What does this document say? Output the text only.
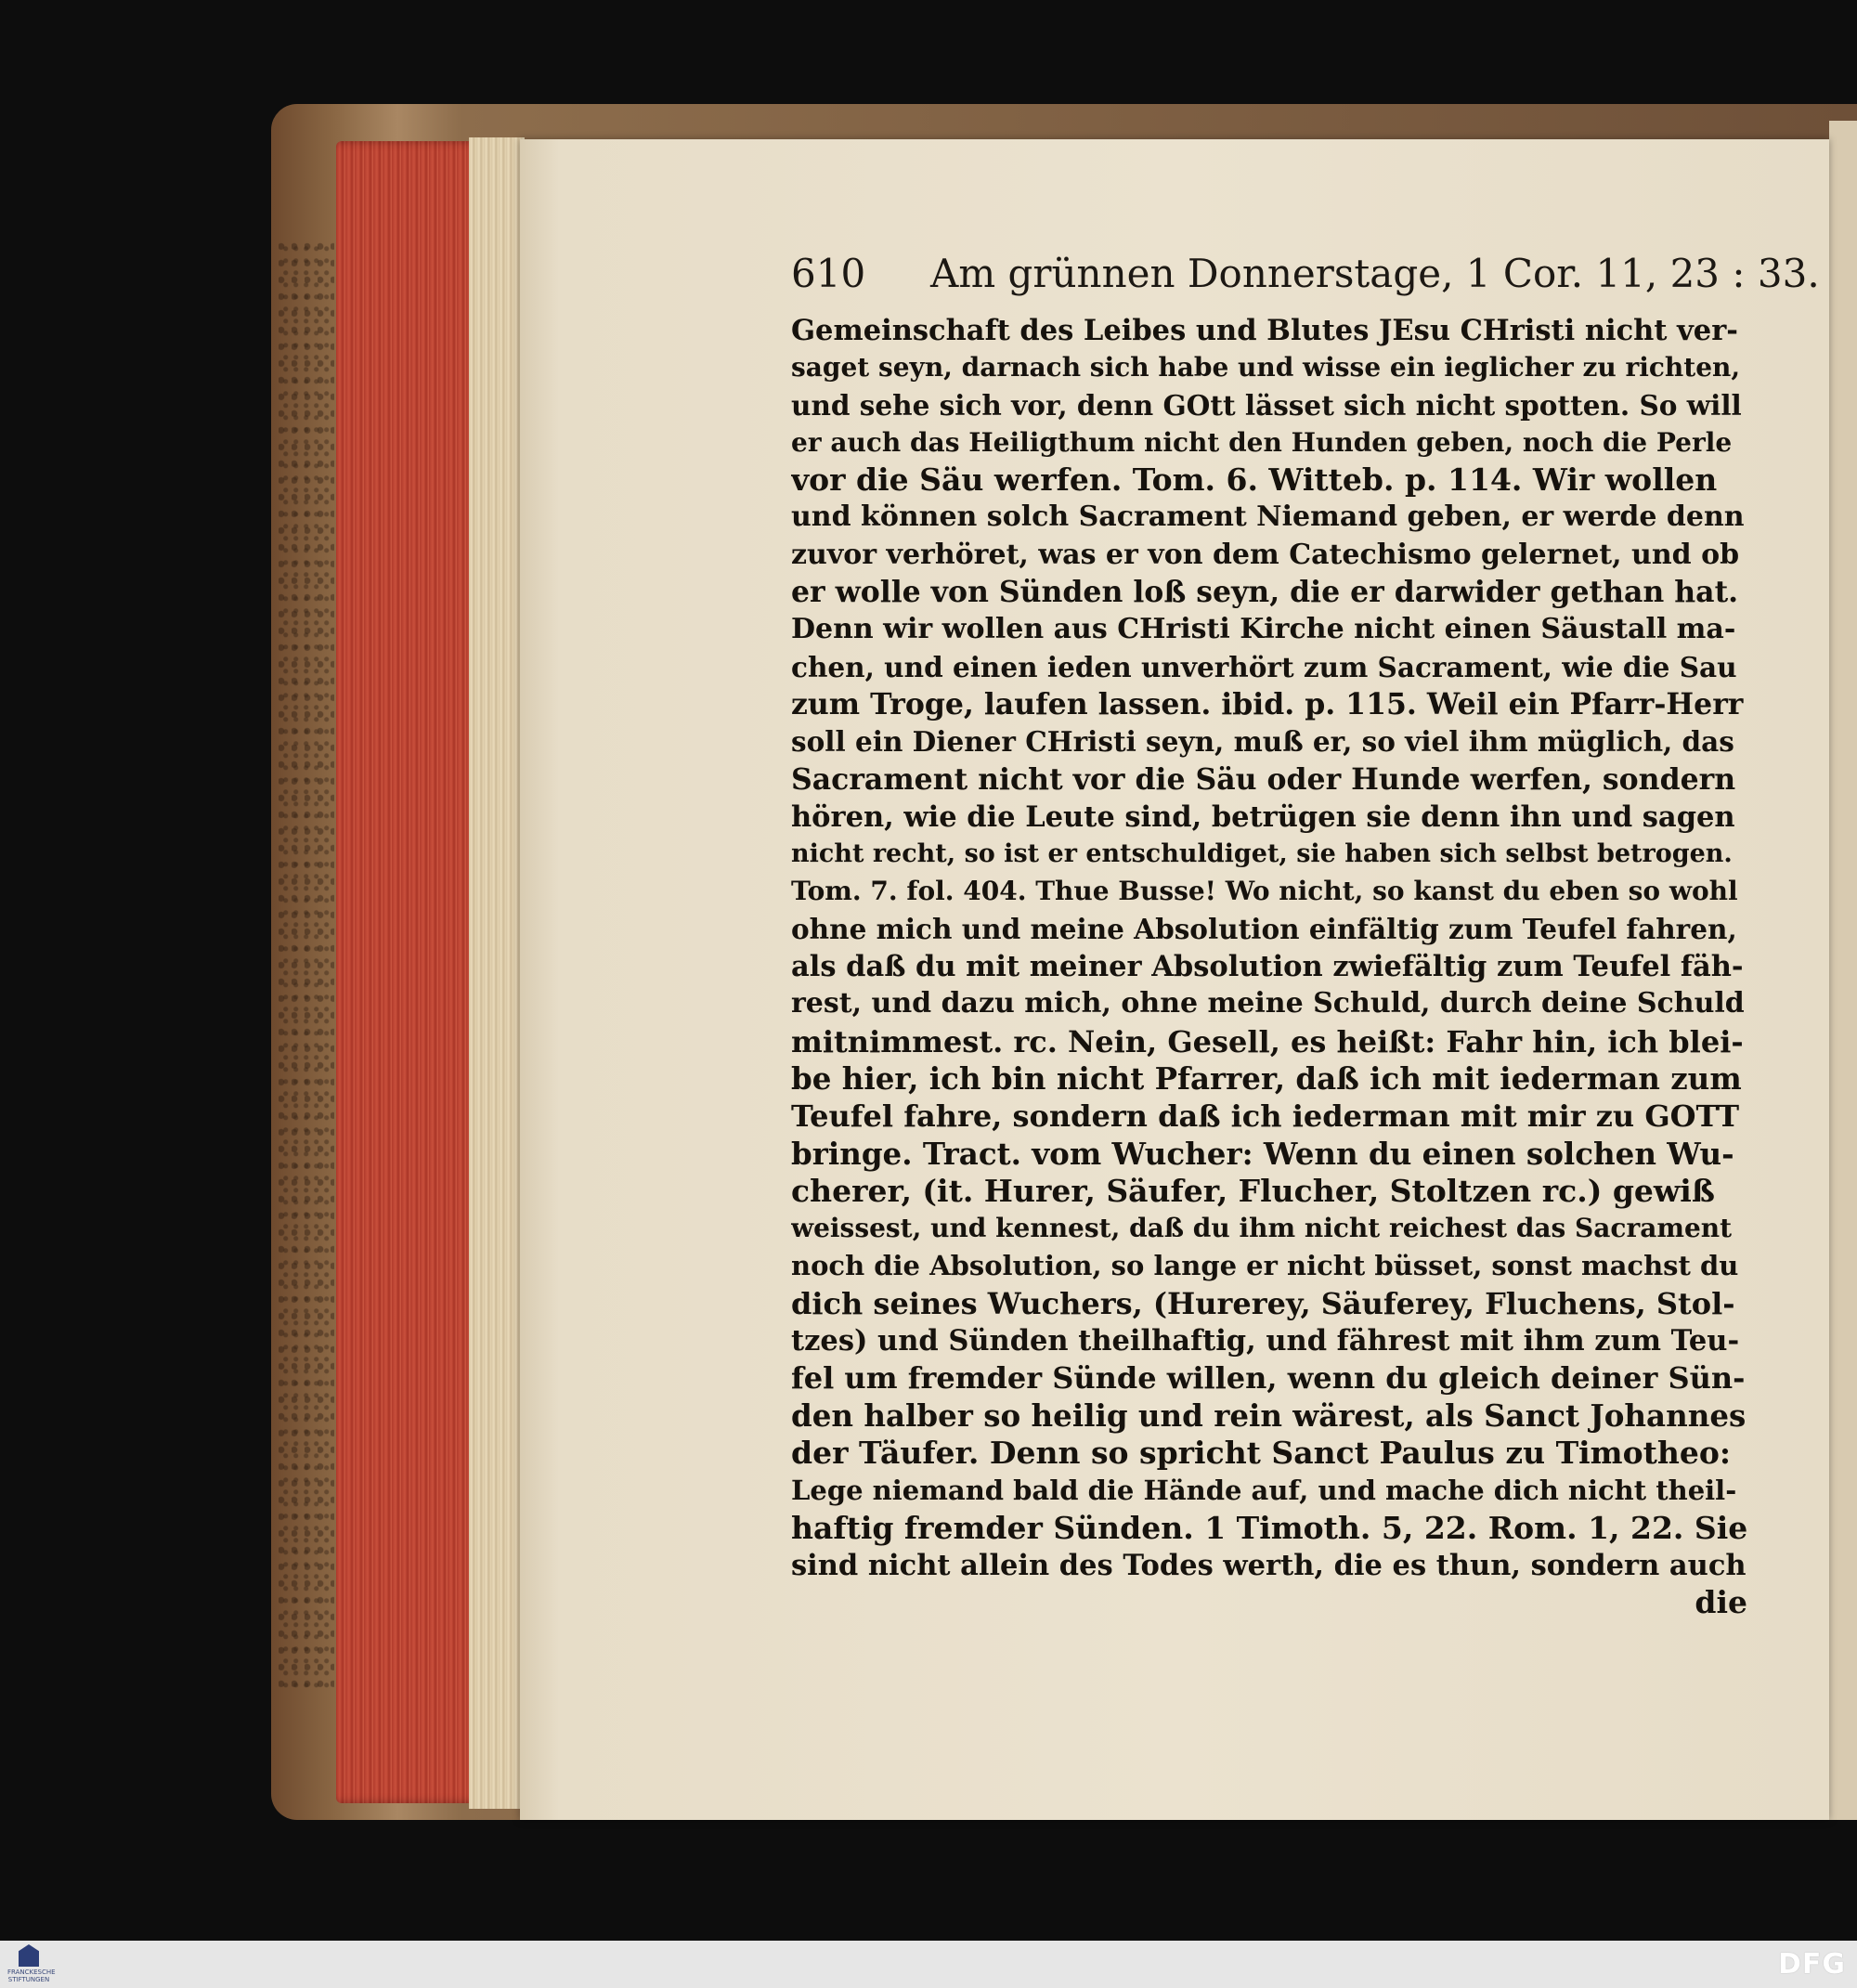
610 Am grünnen Donnerstage, 1 Cor. 11, 23 : 33.
Gemeinschaft des Leibes und Blutes JEsu CHristi nicht ver-
saget seyn, darnach sich habe und wisse ein ieglicher zu richten,
und sehe sich vor, denn GOtt lässet sich nicht spotten. So will
er auch das Heiligthum nicht den Hunden geben, noch die Perle
vor die Säu werfen. Tom. 6. Witteb. p. 114. Wir wollen
und können solch Sacrament Niemand geben, er werde denn
zuvor verhöret, was er von dem Catechismo gelernet, und ob
er wolle von Sünden loß seyn, die er darwider gethan hat.
Denn wir wollen aus CHristi Kirche nicht einen Säustall ma-
chen, und einen ieden unverhört zum Sacrament, wie die Sau
zum Troge, laufen lassen. ibid. p. 115. Weil ein Pfarr-Herr
soll ein Diener CHristi seyn, muß er, so viel ihm müglich, das
Sacrament nicht vor die Säu oder Hunde werfen, sondern
hören, wie die Leute sind, betrügen sie denn ihn und sagen
nicht recht, so ist er entschuldiget, sie haben sich selbst betrogen.
Tom. 7. fol. 404. Thue Busse! Wo nicht, so kanst du eben so wohl
ohne mich und meine Absolution einfältig zum Teufel fahren,
als daß du mit meiner Absolution zwiefältig zum Teufel fäh-
rest, und dazu mich, ohne meine Schuld, durch deine Schuld
mitnimmest. rc. Nein, Gesell, es heißt: Fahr hin, ich blei-
be hier, ich bin nicht Pfarrer, daß ich mit iederman zum
Teufel fahre, sondern daß ich iederman mit mir zu GOTT
bringe. Tract. vom Wucher: Wenn du einen solchen Wu-
cherer, (it. Hurer, Säufer, Flucher, Stoltzen rc.) gewiß
weissest, und kennest, daß du ihm nicht reichest das Sacrament
noch die Absolution, so lange er nicht büsset, sonst machst du
dich seines Wuchers, (Hurerey, Säuferey, Fluchens, Stol-
tzes) und Sünden theilhaftig, und fährest mit ihm zum Teu-
fel um fremder Sünde willen, wenn du gleich deiner Sün-
den halber so heilig und rein wärest, als Sanct Johannes
der Täufer. Denn so spricht Sanct Paulus zu Timotheo:
Lege niemand bald die Hände auf, und mache dich nicht theil-
haftig fremder Sünden. 1 Timoth. 5, 22. Rom. 1, 22. Sie
sind nicht allein des Todes werth, die es thun, sondern auch
die
FRANCKESCHE STIFTUNGEN	DFG
